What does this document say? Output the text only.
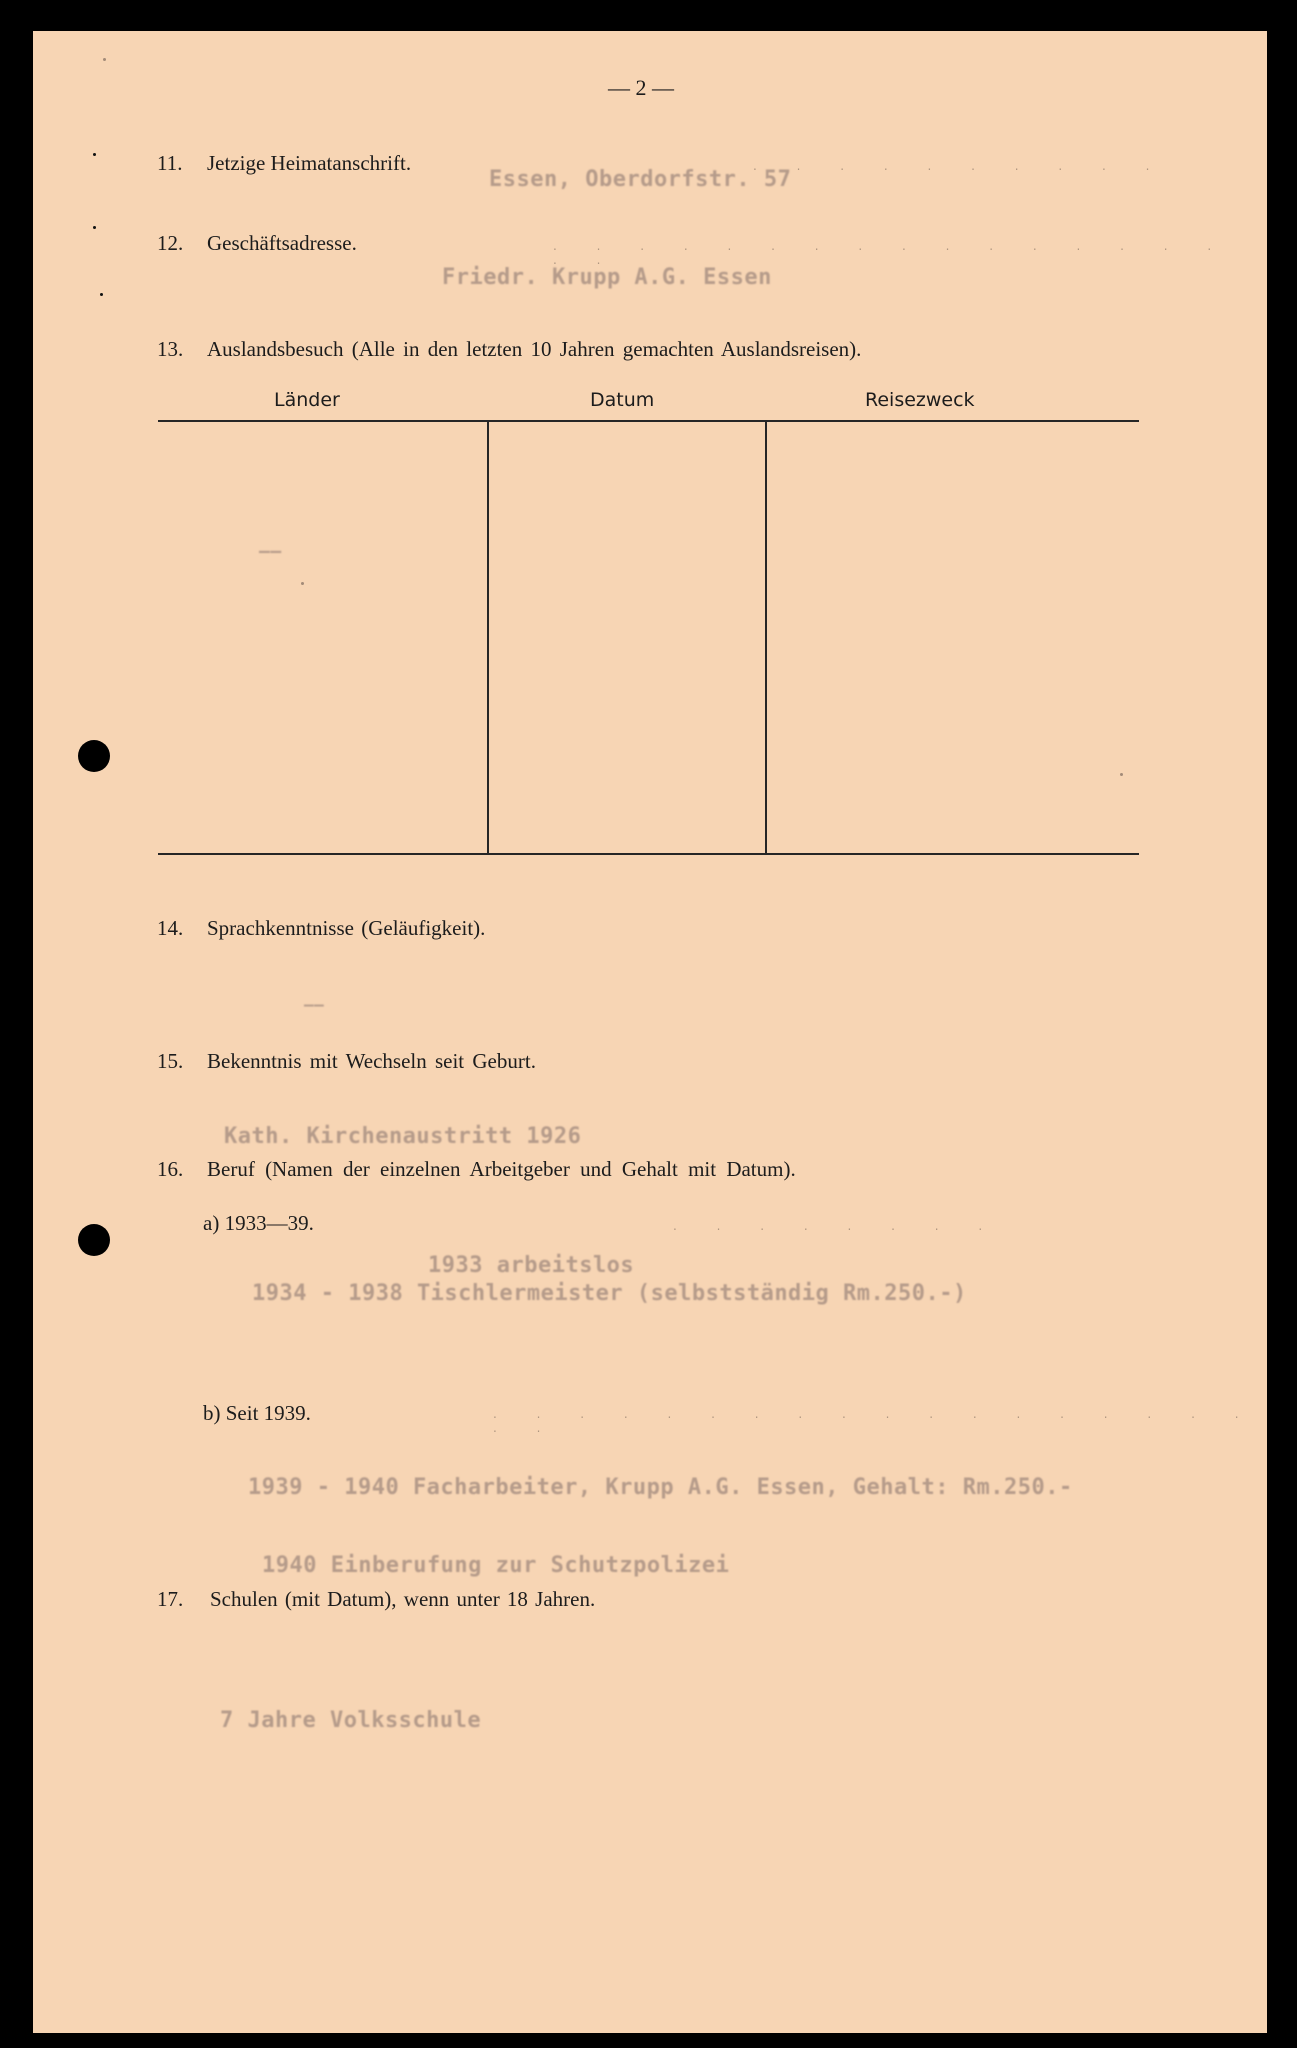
— 2 —
11. Jetzige Heimatanschrift.
Essen, Oberdorfstr. 57
12. Geschäftsadresse.
Friedr. Krupp A.G. Essen
13. Auslandsbesuch (Alle in den letzten 10 Jahren gemachten Auslandsreisen).
Länder	Datum	Reisezweck
——
14. Sprachkenntnisse (Geläufigkeit).
——
15. Bekenntnis mit Wechseln seit Geburt.
Kath. Kirchenaustritt 1926
16. Beruf (Namen der einzelnen Arbeitgeber und Gehalt mit Datum).
a) 1933—39.
1933 arbeitslos
1934 - 1938 Tischlermeister (selbstständig Rm.250.-)
b) Seit 1939.
1939 - 1940 Facharbeiter, Krupp A.G. Essen, Gehalt: Rm.250.-
1940 Einberufung zur Schutzpolizei
17. Schulen (mit Datum), wenn unter 18 Jahren.
7 Jahre Volksschule
. . . . . . . . . .
. . . . . . . . . . . . . . . . . .
. . . . . . . .
. . . . . . . . . . . . . . . . . . . .
